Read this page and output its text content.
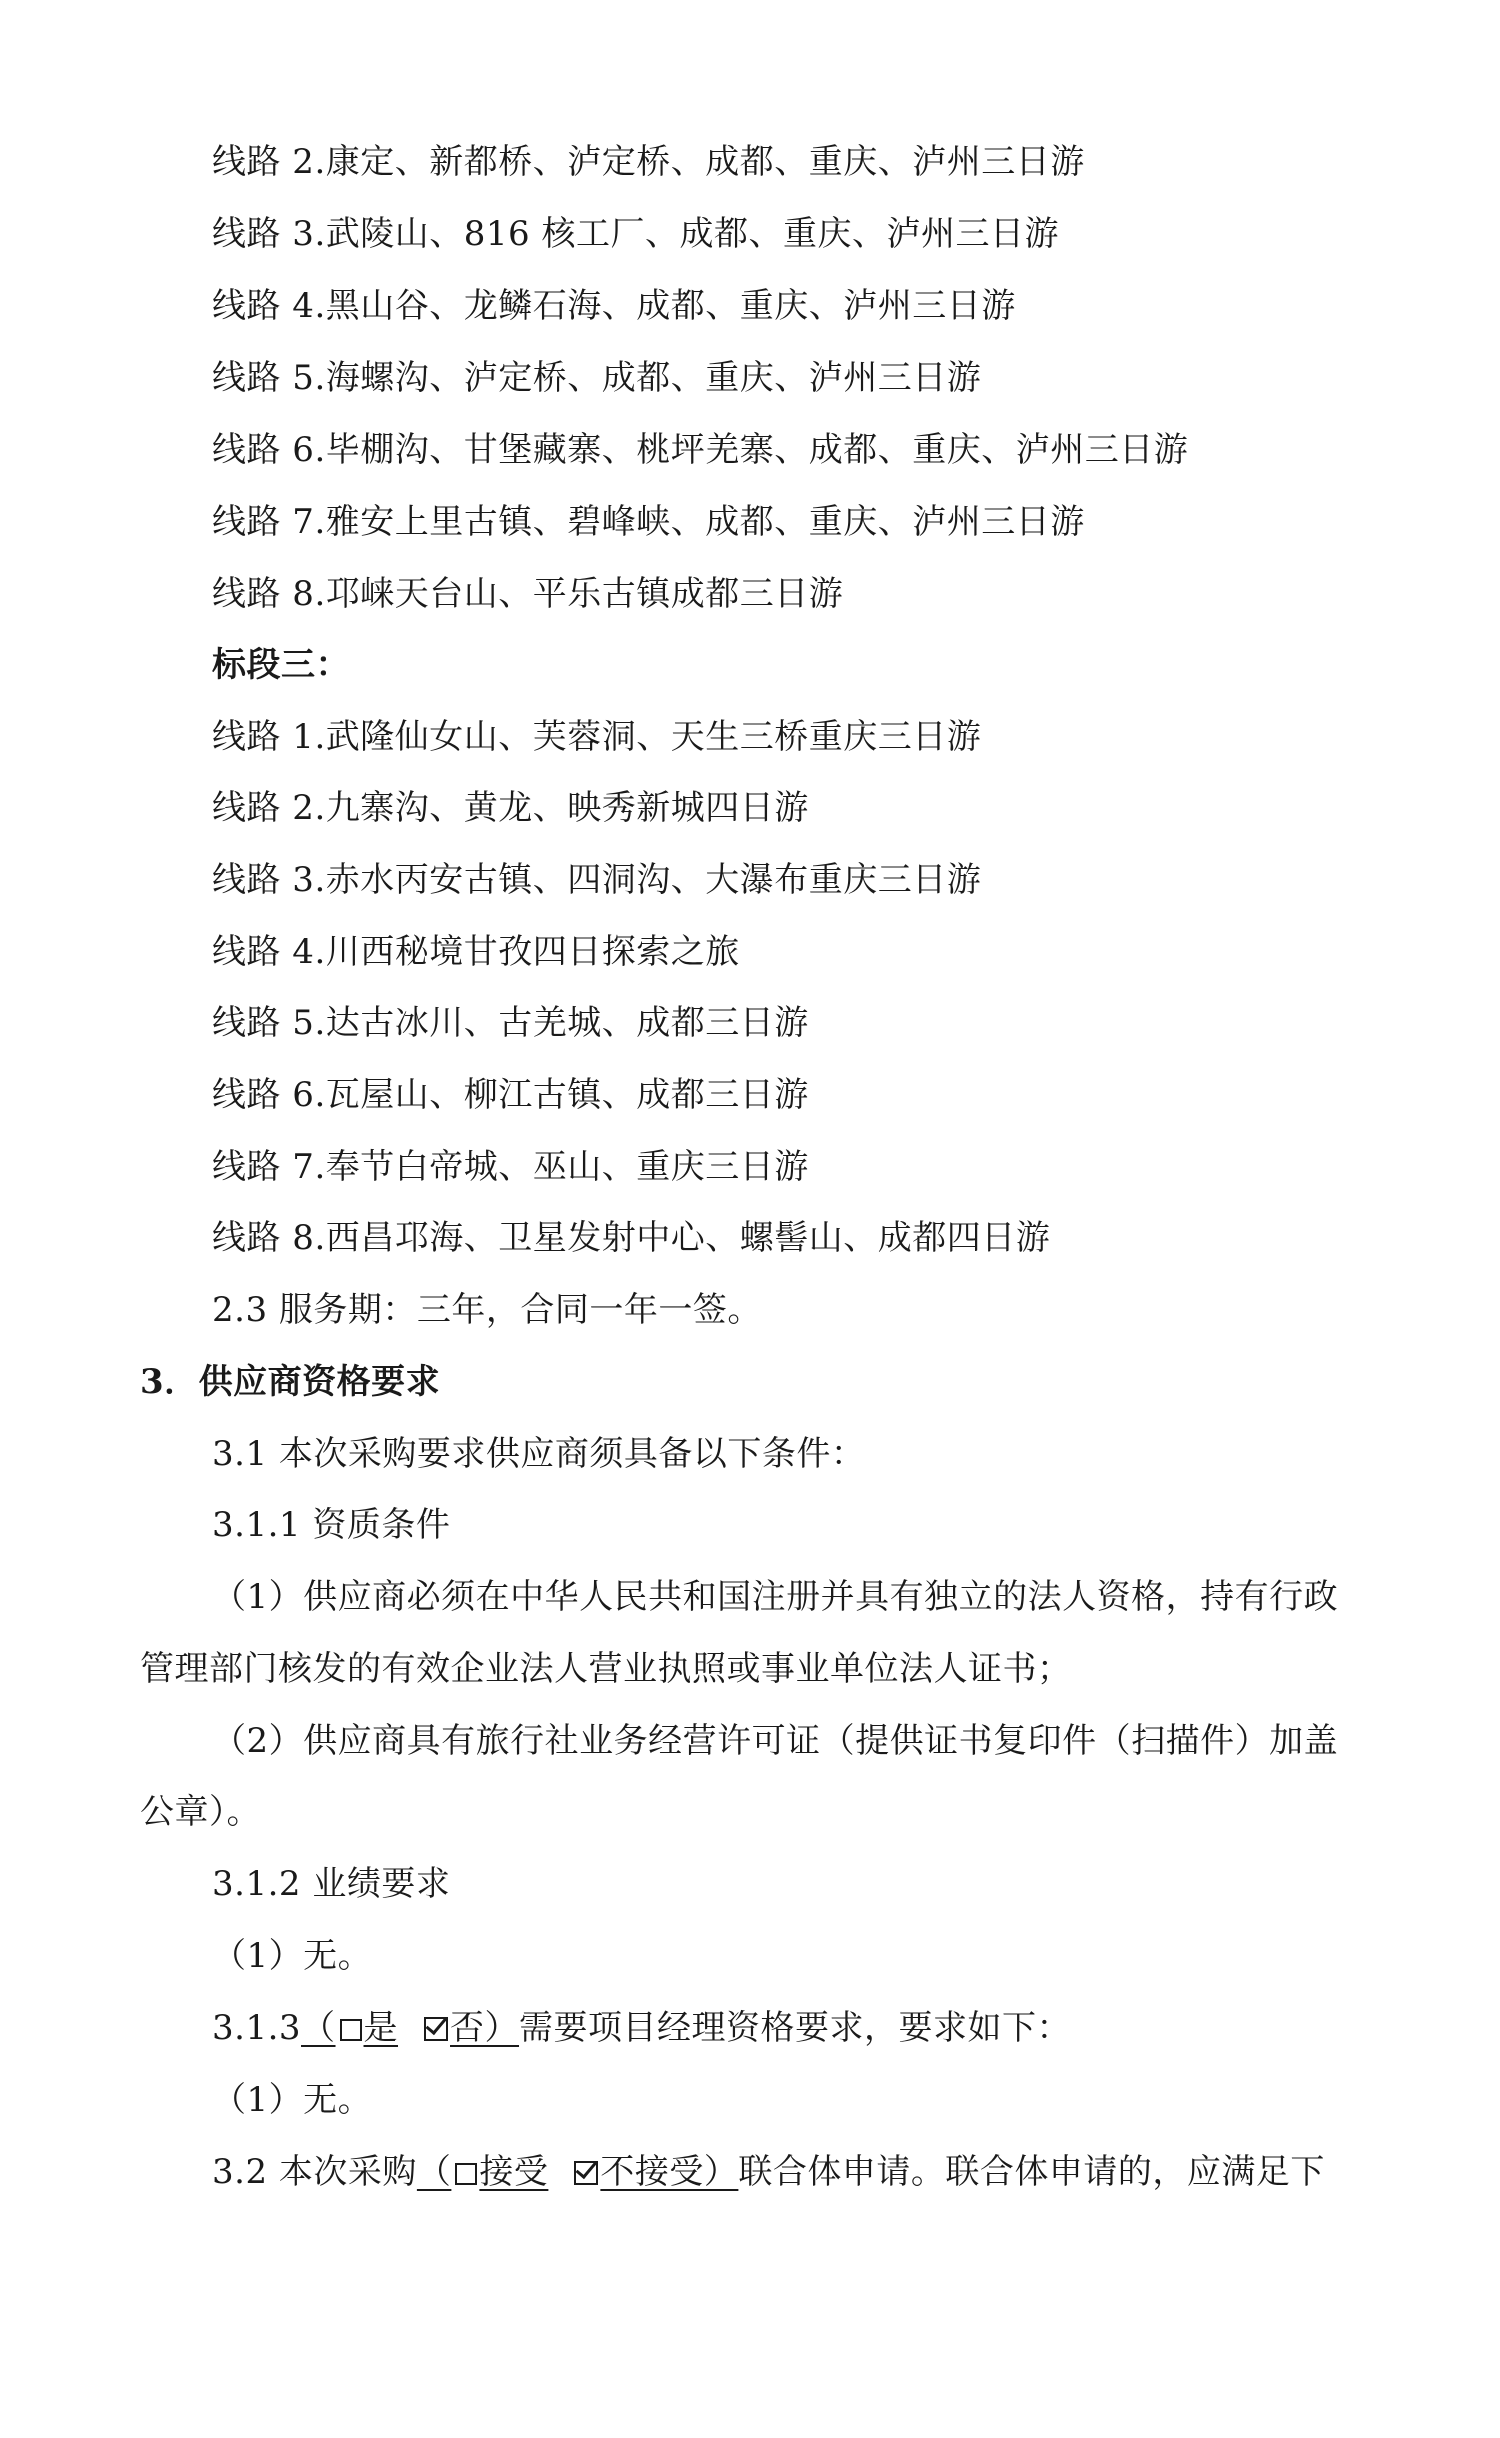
线路 2.康定、新都桥、泸定桥、成都、重庆、泸州三日游
线路 3.武陵山、816 核工厂、成都、重庆、泸州三日游
线路 4.黑山谷、龙鳞石海、成都、重庆、泸州三日游
线路 5.海螺沟、泸定桥、成都、重庆、泸州三日游
线路 6.毕棚沟、甘堡藏寨、桃坪羌寨、成都、重庆、泸州三日游
线路 7.雅安上里古镇、碧峰峡、成都、重庆、泸州三日游
线路 8.邛崃天台山、平乐古镇成都三日游
标段三：
线路 1.武隆仙女山、芙蓉洞、天生三桥重庆三日游
线路 2.九寨沟、黄龙、映秀新城四日游
线路 3.赤水丙安古镇、四洞沟、大瀑布重庆三日游
线路 4.川西秘境甘孜四日探索之旅
线路 5.达古冰川、古羌城、成都三日游
线路 6.瓦屋山、柳江古镇、成都三日游
线路 7.奉节白帝城、巫山、重庆三日游
线路 8.西昌邛海、卫星发射中心、螺髻山、成都四日游
2.3 服务期：三年，合同一年一签。
3．供应商资格要求
3.1 本次采购要求供应商须具备以下条件：
3.1.1 资质条件
（1）供应商必须在中华人民共和国注册并具有独立的法人资格，持有行政
管理部门核发的有效企业法人营业执照或事业单位法人证书；
（2）供应商具有旅行社业务经营许可证（提供证书复印件（扫描件）加盖
公章）。
3.1.2 业绩要求
（1）无。
3.1.3（ 是 否）需要项目经理资格要求，要求如下：
（1）无。
3.2 本次采购（ 接受 不接受）联合体申请。联合体申请的，应满足下
